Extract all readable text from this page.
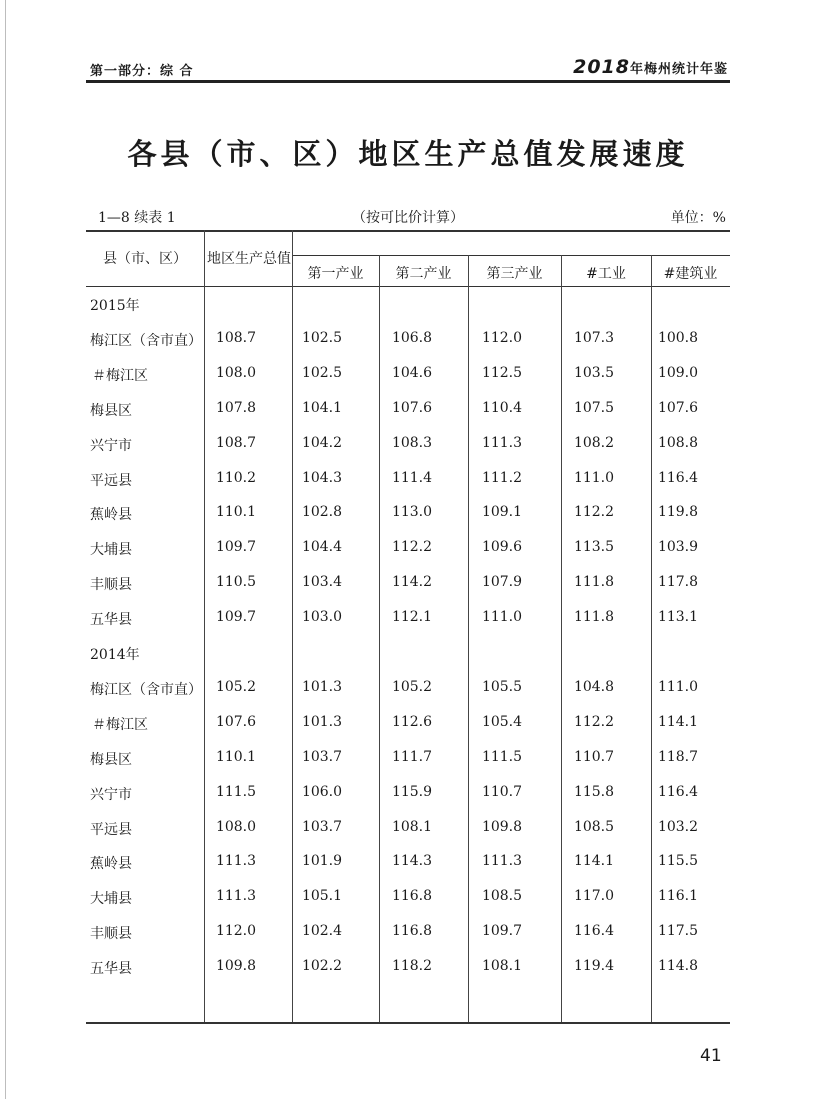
第一部分：综 合	2018年梅州统计年鉴
各县（市、区）地区生产总值发展速度
1—8 续表 1	（按可比价计算）	单位：%
县（市、区）	地区生产总值
第一产业	第二产业	第三产业	#工业	#建筑业
2015年
梅江区（含市直） 108.7	102.5	106.8	112.0	107.3	100.8
＃梅江区	108.0	102.5	104.6	112.5	103.5	109.0
梅县区	107.8	104.1	107.6	110.4	107.5	107.6
兴宁市	108.7	104.2	108.3	111.3	108.2	108.8
平远县	110.2	104.3	111.4	111.2	111.0	116.4
蕉岭县	110.1	102.8	113.0	109.1	112.2	119.8
大埔县	109.7	104.4	112.2	109.6	113.5	103.9
丰顺县	110.5	103.4	114.2	107.9	111.8	117.8
五华县	109.7	103.0	112.1	111.0	111.8	113.1
2014年
梅江区（含市直） 105.2	101.3	105.2	105.5	104.8	111.0
＃梅江区	107.6	101.3	112.6	105.4	112.2	114.1
梅县区	110.1	103.7	111.7	111.5	110.7	118.7
兴宁市	111.5	106.0	115.9	110.7	115.8	116.4
平远县	108.0	103.7	108.1	109.8	108.5	103.2
蕉岭县	111.3	101.9	114.3	111.3	114.1	115.5
大埔县	111.3	105.1	116.8	108.5	117.0	116.1
丰顺县	112.0	102.4	116.8	109.7	116.4	117.5
五华县	109.8	102.2	118.2	108.1	119.4	114.8
41
